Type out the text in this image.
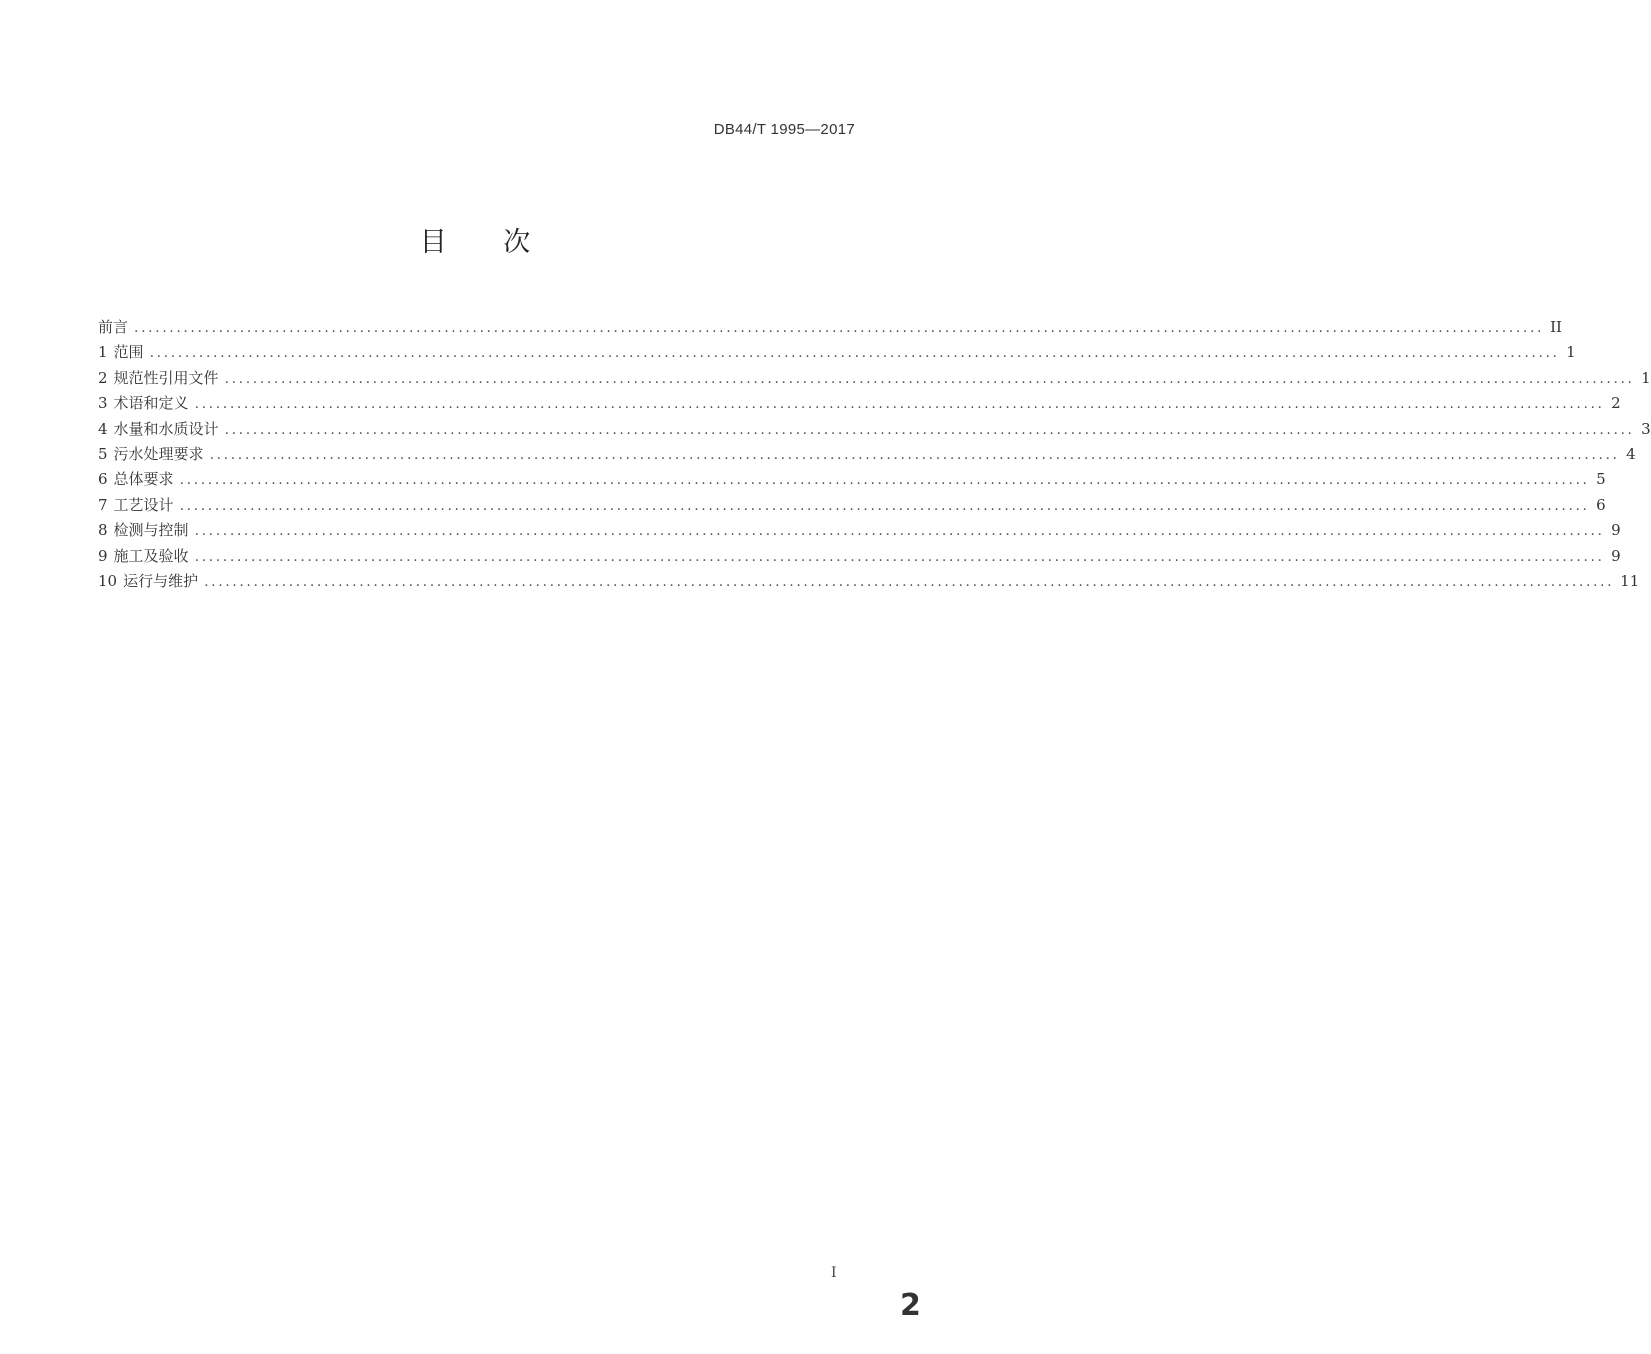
DB44/T 1995—2017
目 次
前言 ........................................................................................................................................................................................................ II
1 范围 ........................................................................................................................................................................................................ 1
2 规范性引用文件 ........................................................................................................................................................................................................ 1
3 术语和定义 ........................................................................................................................................................................................................ 2
4 水量和水质设计 ........................................................................................................................................................................................................ 3
5 污水处理要求 ........................................................................................................................................................................................................ 4
6 总体要求 ........................................................................................................................................................................................................ 5
7 工艺设计 ........................................................................................................................................................................................................ 6
8 检测与控制 ........................................................................................................................................................................................................ 9
9 施工及验收 ........................................................................................................................................................................................................ 9
10 运行与维护 ........................................................................................................................................................................................................ 11
I
2
